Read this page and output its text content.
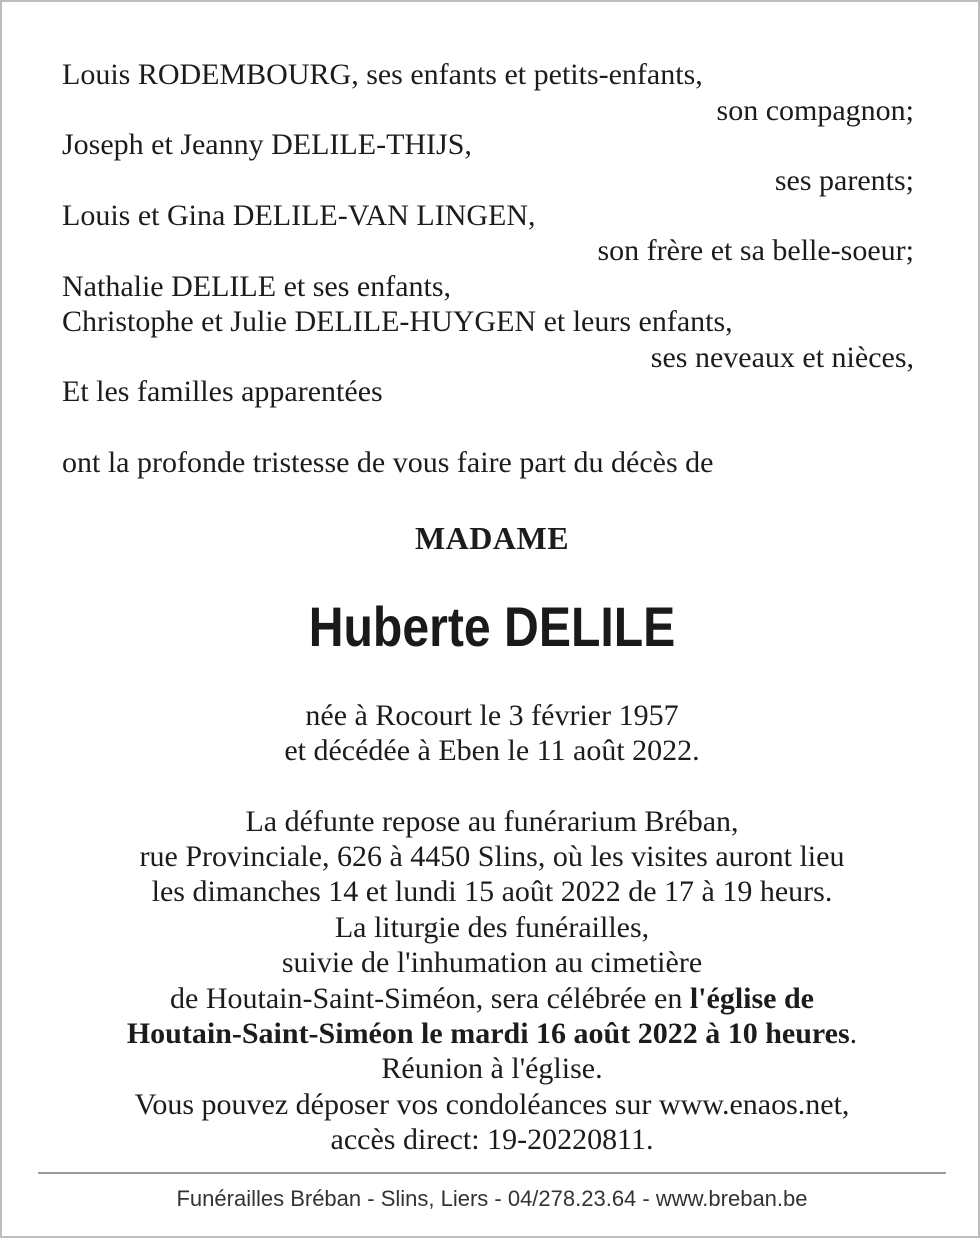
Louis RODEMBOURG, ses enfants et petits-enfants,
son compagnon;
Joseph et Jeanny DELILE-THIJS,
ses parents;
Louis et Gina DELILE-VAN LINGEN,
son frère et sa belle-soeur;
Nathalie DELILE et ses enfants,
Christophe et Julie DELILE-HUYGEN et leurs enfants,
ses neveaux et nièces,
Et les familles apparentées
ont la profonde tristesse de vous faire part du décès de
MADAME
Huberte DELILE
née à Rocourt le 3 février 1957
et décédée à Eben le 11 août 2022.
La défunte repose au funérarium Bréban,
rue Provinciale, 626 à 4450 Slins, où les visites auront lieu
les dimanches 14 et lundi 15 août 2022 de 17 à 19 heurs.
La liturgie des funérailles,
suivie de l'inhumation au cimetière
de Houtain-Saint-Siméon, sera célébrée en l'église de
Houtain-Saint-Siméon le mardi 16 août 2022 à 10 heures.
Réunion à l'église.
Vous pouvez déposer vos condoléances sur www.enaos.net,
accès direct: 19-20220811.
Funérailles Bréban - Slins, Liers - 04/278.23.64 - www.breban.be
